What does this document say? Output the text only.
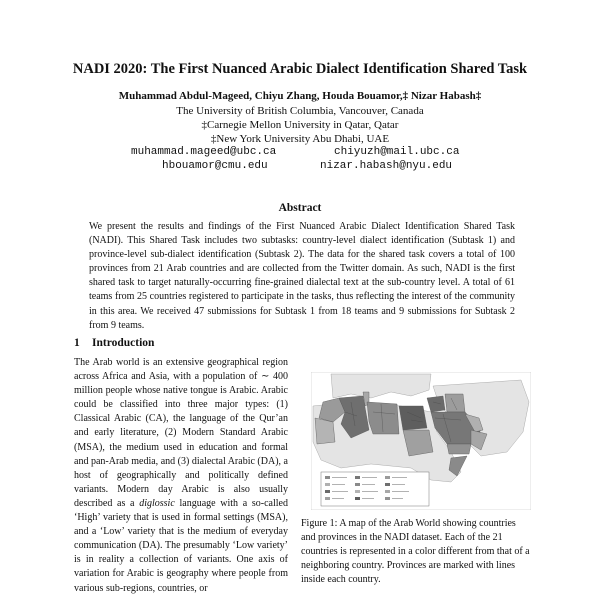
NADI 2020: The First Nuanced Arabic Dialect Identification Shared Task
Muhammad Abdul-Mageed, Chiyu Zhang, Houda Bouamor,‡ Nizar Habash‡
The University of British Columbia, Vancouver, Canada
‡Carnegie Mellon University in Qatar, Qatar
‡New York University Abu Dhabi, UAE
muhammad.mageed@ubc.ca	chiyuzh@mail.ubc.ca
hbouamor@cmu.edu	nizar.habash@nyu.edu
Abstract
We present the results and findings of the First Nuanced Arabic Dialect Identification Shared Task (NADI). This Shared Task includes two subtasks: country-level dialect identification (Subtask 1) and province-level sub-dialect identification (Subtask 2). The data for the shared task covers a total of 100 provinces from 21 Arab countries and are collected from the Twitter domain. As such, NADI is the first shared task to target naturally-occurring fine-grained dialectal text at the sub-country level. A total of 61 teams from 25 countries registered to participate in the tasks, thus reflecting the interest of the community in this area. We received 47 submissions for Subtask 1 from 18 teams and 9 submissions for Subtask 2 from 9 teams.
1 Introduction
The Arab world is an extensive geographical region across Africa and Asia, with a population of ∼ 400 million people whose native tongue is Arabic. Arabic could be classified into three major types: (1) Classical Arabic (CA), the language of the Qur’an and early literature, (2) Modern Standard Arabic (MSA), the medium used in education and formal and pan-Arab media, and (3) dialectal Arabic (DA), a host of geographically and politically defined variants. Modern day Arabic is also usually described as a diglossic language with a so-called ‘High’ variety that is used in formal settings (MSA), and a ‘Low’ variety that is the medium of everyday communication (DA). The presumably ‘Low variety’ is in reality a collection of variants. One axis of variation for Arabic is geography where people from various sub-regions, countries, or
Figure 1: A map of the Arab World showing countries and provinces in the NADI dataset. Each of the 21 countries is represented in a color different from that of a neighboring country. Provinces are marked with lines inside each country.
